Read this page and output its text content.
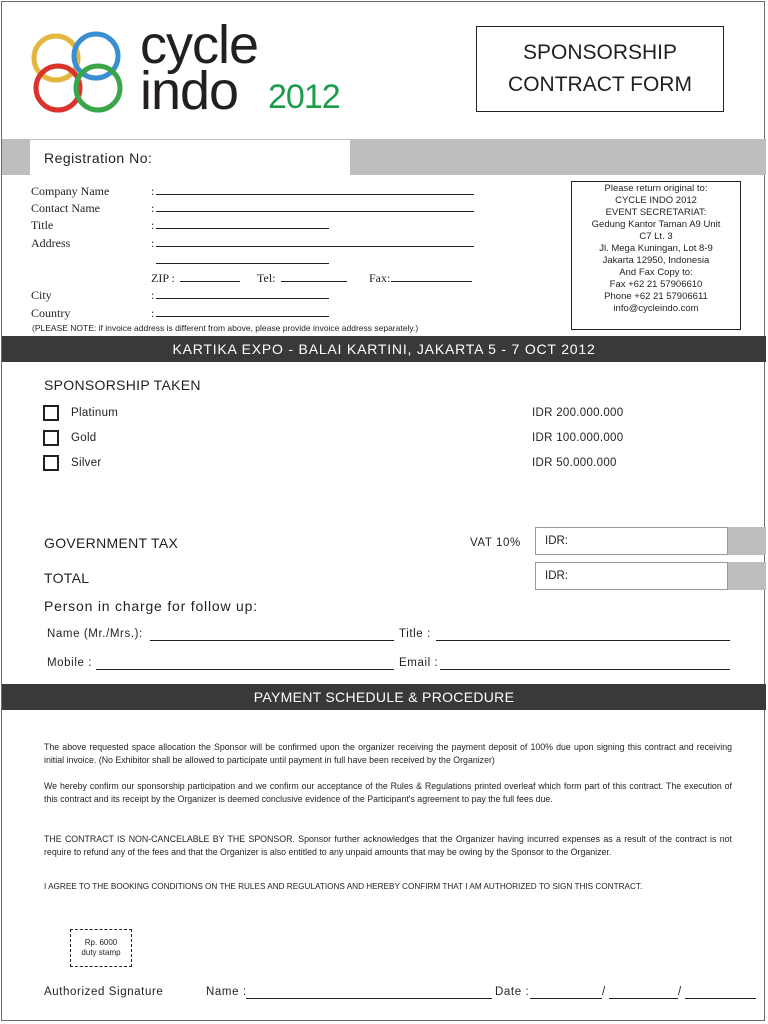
cycle
indo 2012
SPONSORSHIP
CONTRACT FORM
Registration No:
Company Name	:
Contact Name	:
Title	:
Address	:
ZIP :	Tel:	Fax:
City	:
Country	:
(PLEASE NOTE: if invoice address is different from above, please provide invoice address separately.)
Please return original to:
CYCLE INDO 2012
EVENT SECRETARIAT:
Gedung Kantor Taman A9 Unit
C7 Lt. 3
Jl. Mega Kuningan, Lot 8-9
Jakarta 12950, Indonesia
And Fax Copy to:
Fax +62 21 57906610
Phone +62 21 57906611
info@cycleindo.com
KARTIKA EXPO - BALAI KARTINI, JAKARTA 5 - 7 OCT 2012
SPONSORSHIP TAKEN
Platinum	IDR 200.000.000
Gold	IDR 100.000.000
Silver	IDR 50.000.000
GOVERNMENT TAX	VAT 10%	IDR:
TOTAL	IDR:
Person in charge for follow up:
Name (Mr./Mrs.):	Title :
Mobile :	Email :
PAYMENT SCHEDULE & PROCEDURE
The above requested space allocation the Sponsor will be confirmed upon the organizer receiving the payment deposit of 100% due upon signing this contract and receiving initial invoice. (No Exhibitor shall be allowed to participate until payment in full have been received by the Organizer)
We hereby confirm our sponsorship participation and we confirm our acceptance of the Rules & Regulations printed overleaf which form part of this contract. The execution of this contract and its receipt by the Organizer is deemed conclusive evidence of the Participant's agreement to pay the full fees due.
THE CONTRACT IS NON-CANCELABLE BY THE SPONSOR. Sponsor further acknowledges that the Organizer having incurred expenses as a result of the contract is not require to refund any of the fees and that the Organizer is also entitled to any unpaid amounts that may be owing by the Sponsor to the Organizer.
I AGREE TO THE BOOKING CONDITIONS ON THE RULES AND REGULATIONS AND HEREBY CONFIRM THAT I AM AUTHORIZED TO SIGN THIS CONTRACT.
Rp. 6000
duty stamp
Authorized Signature	Name :	Date :	/	/
